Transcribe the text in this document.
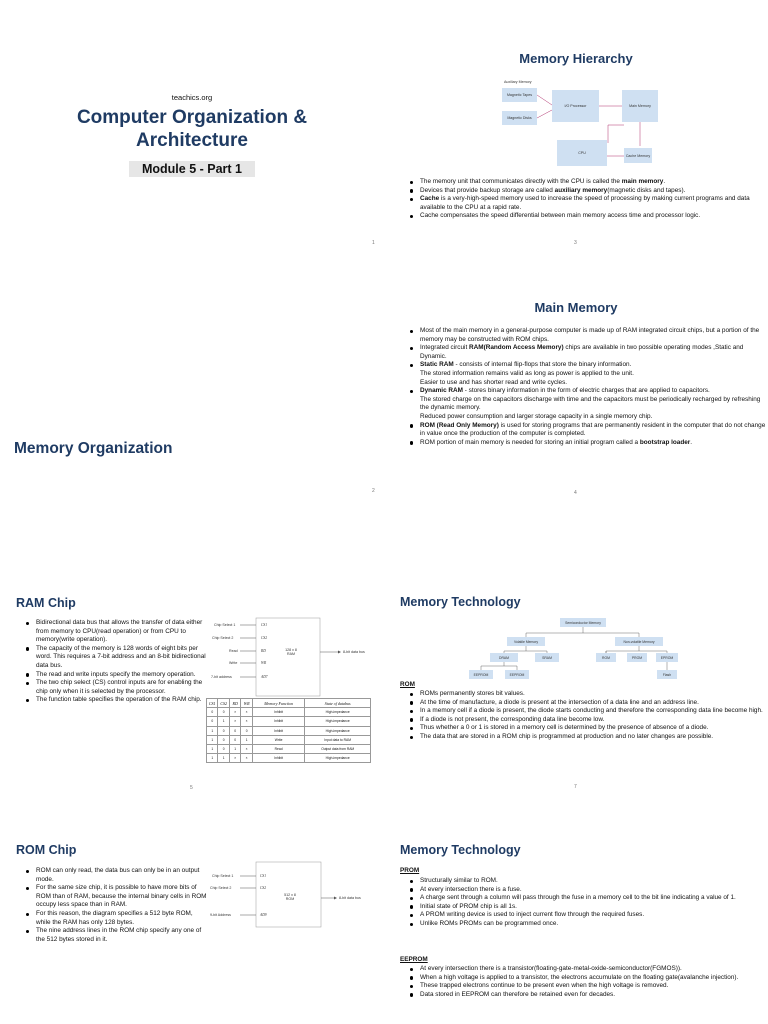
teachics.org
Computer Organization & Architecture
Module 5 - Part 1
1
Memory Hierarchy
Auxiliary Memory
Magnetic Tapes
Magnetic Disks
I/O Processor	Main Memory
CPU
Cache Memory
The memory unit that communicates directly with the CPU is called the main memory.
Devices that provide backup storage are called auxiliary memory(magnetic disks and tapes).
Cache is a very-high-speed memory used to increase the speed of processing by making current programs and data available to the CPU at a rapid rate.
Cache compensates the speed differential between main memory access time and processor logic.
3
Memory Organization
2
Main Memory
Most of the main memory in a general-purpose computer is made up of RAM integrated circuit chips, but a portion of the memory may be constructed with ROM chips.
Integrated circuit RAM(Random Access Memory) chips are available in two possible operating modes ,Static and Dynamic.
Static RAM - consists of internal flip-flops that store the binary information.
The stored information remains valid as long as power is applied to the unit.
Easier to use and has shorter read and write cycles.
Dynamic RAM - stores binary information in the form of electric charges that are applied to capacitors.
The stored charge on the capacitors discharge with time and the capacitors must be periodically recharged by refreshing the dynamic memory.
Reduced power consumption and larger storage capacity in a single memory chip.
ROM (Read Only Memory) is used for storing programs that are permanently resident in the computer that do not change in value once the production of the computer is completed.
ROM portion of main memory is needed for storing an initial program called a bootstrap loader.
4
RAM Chip
Bidirectional data bus that allows the transfer of data either from memory to CPU(read operation) or from CPU to memory(write operation).
The capacity of the memory is 128 words of eight bits per word. This requires a 7-bit address and an 8-bit bidirectional data bus.
The read and write inputs specify the memory operation.
The two chip select (CS) control inputs are for enabling the chip only when it is selected by the processor.
The function table specifies the operation of the RAM chip.
Chip Select 1
Chip Select 2
Read
Write
7-bit address
CS1
CS2
RD
WR
AD7
128 x 8 RAM	8-bit data bus
CS1	CS2	RD	WR	Memory Function	State of databus
0	0	×	×	Inhibit	High-impedance
0	1	×	×	Inhibit	High-impedance
1	0	0	0	Inhibit	High-impedance
1	0	0	1	Write	Input data to RAM
1	0	1	×	Read	Output data from RAM
1	1	×	×	Inhibit	High-impedance
5
Memory Technology
Semiconductor Memory
Volatile Memory	Non-volatile Memory
DRAM	SRAM	ROM	PROM	EPROM
EEPROM	EEPROM	Flash
ROM
ROMs permanently stores bit values.
At the time of manufacture, a diode is present at the intersection of a data line and an address line.
In a memory cell if a diode is present, the diode starts conducting and therefore the corresponding data line become high.
If a diode is not present, the corresponding data line become low.
Thus whether a 0 or 1 is stored in a memory cell is determined by the presence of absence of a diode.
The data that are stored in a ROM chip is programmed at production and no later changes are possible.
7
ROM Chip
ROM can only read, the data bus can only be in an output mode.
For the same size chip, it is possible to have more bits of ROM than of RAM, because the internal binary cells in ROM occupy less space than in RAM.
For this reason, the diagram specifies a 512 byte ROM, while the RAM has only 128 bytes.
The nine address lines in the ROM chip specify any one of the 512 bytes stored in it.
Chip Select 1
Chip Select 2
9-bit Address
CS1
CS2
AD9
512 x 8 ROM	8-bit data bus
Memory Technology
PROM
Structurally similar to ROM.
At every intersection there is a fuse.
A charge sent through a column will pass through the fuse in a memory cell to the bit line indicating a value of 1.
Initial state of PROM chip is all 1s.
A PROM writing device is used to inject current flow through the required fuses.
Unlike ROMs PROMs can be programmed once.
EEPROM
At every intersection there is a transistor(floating-gate-metal-oxide-semiconductor(FGMOS)).
When a high voltage is applied to a transistor, the electrons accumulate on the floating gate(avalanche injection).
These trapped electrons continue to be present even when the high voltage is removed.
Data stored in EEPROM can therefore be retained even for decades.
